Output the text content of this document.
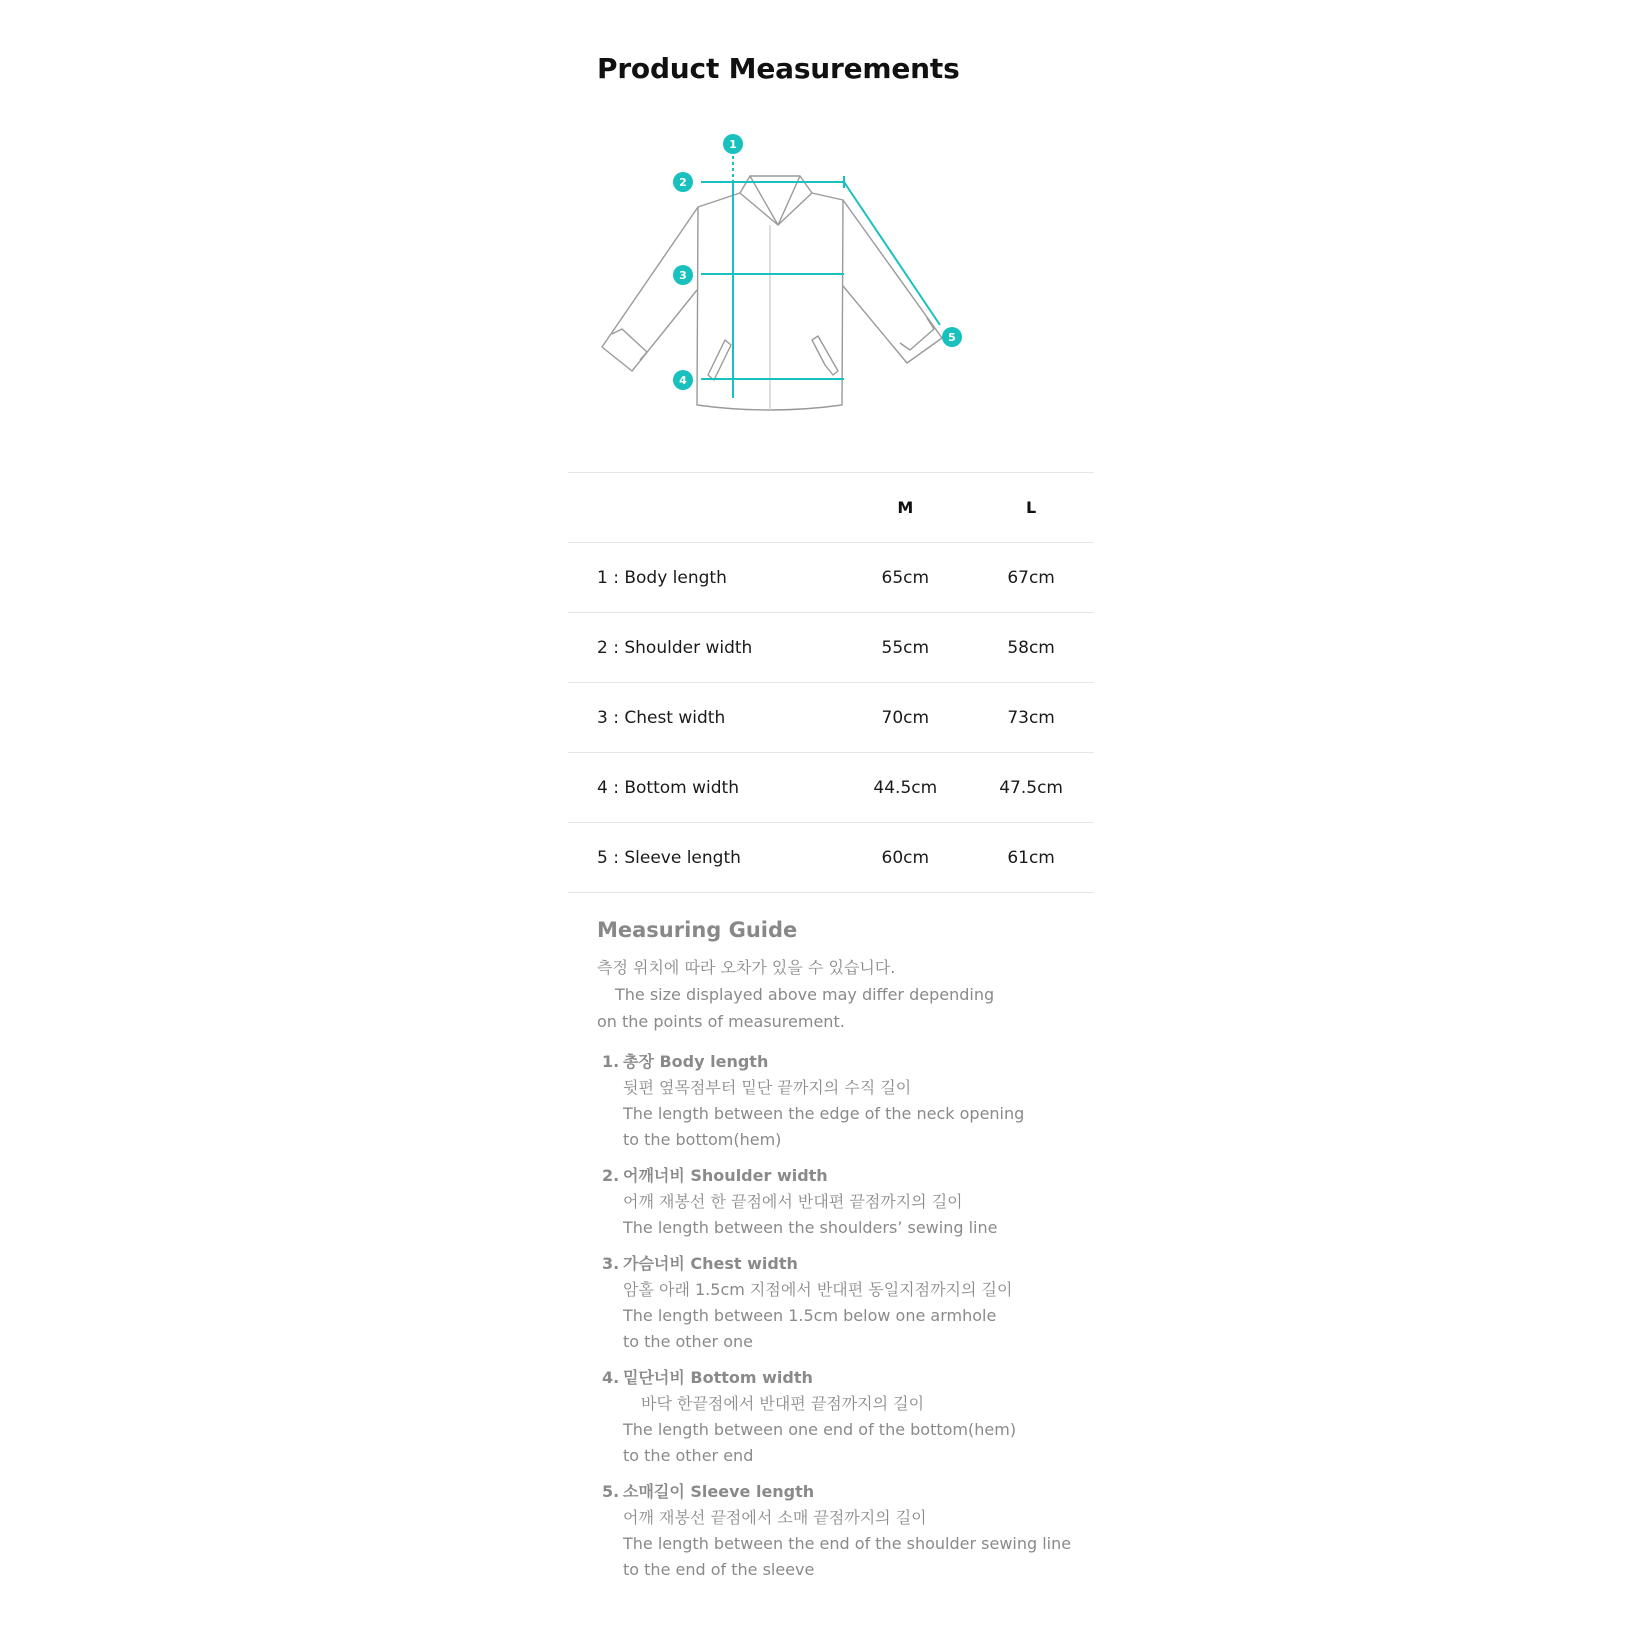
Product Measurements
1
2
3
4
5
	M	L
1 : Body length	65cm	67cm
2 : Shoulder width	55cm	58cm
3 : Chest width	70cm	73cm
4 : Bottom width	44.5cm	47.5cm
5 : Sleeve length	60cm	61cm
Measuring Guide

측정 위치에 따라 오차가 있을 수 있습니다.

The size displayed above may differ depending

on the points of measurement.

1. 총장 Body length
뒷편 옆목점부터 밑단 끝까지의 수직 길이
The length between the edge of the neck opening
to the bottom(hem)
2. 어깨너비 Shoulder width
어깨 재봉선 한 끝점에서 반대편 끝점까지의 길이
The length between the shoulders’ sewing line
3. 가슴너비 Chest width
암홀 아래 1.5cm 지점에서 반대편 동일지점까지의 길이
The length between 1.5cm below one armhole
to the other one
4. 밑단너비 Bottom width
바닥 한끝점에서 반대편 끝점까지의 길이
The length between one end of the bottom(hem)
to the other end
5. 소매길이 Sleeve length
어깨 재봉선 끝점에서 소매 끝점까지의 길이
The length between the end of the shoulder sewing line
to the end of the sleeve
